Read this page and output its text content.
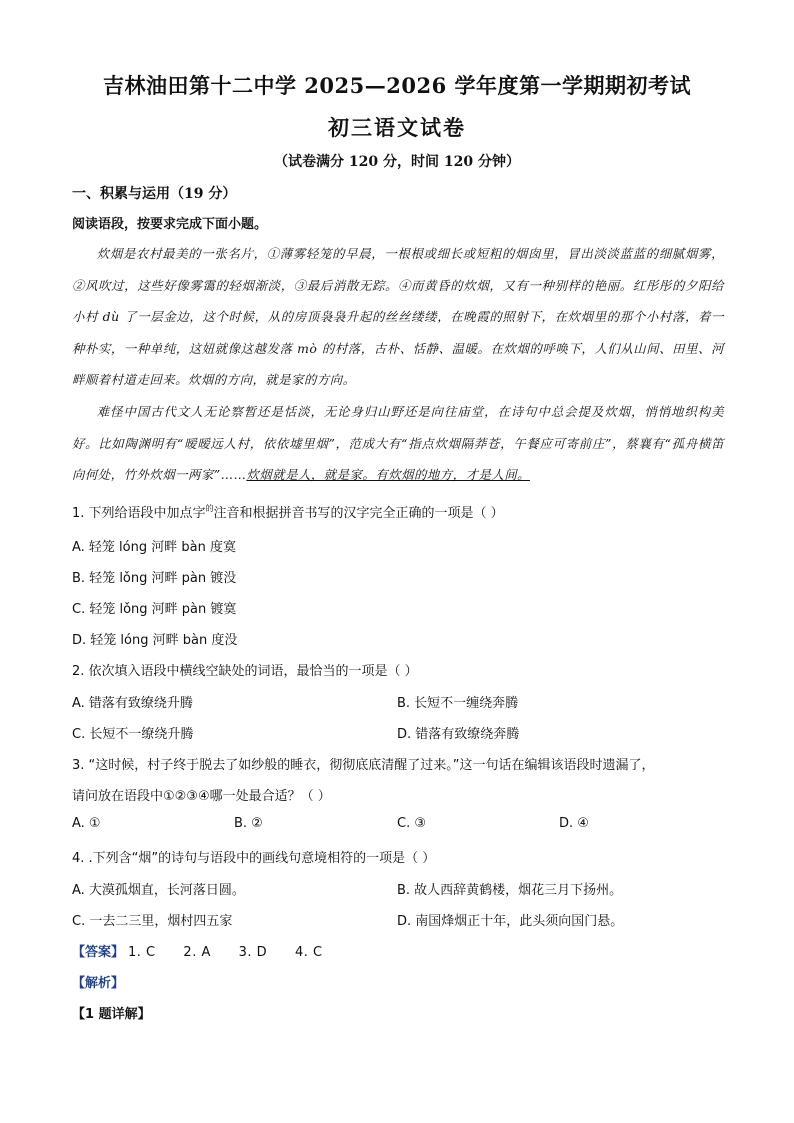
吉林油田第十二中学 2025—2026 学年度第一学期期初考试
初三语文试卷
（试卷满分 120 分，时间 120 分钟）
一、积累与运用（19 分）
阅读语段，按要求完成下面小题。
炊烟是农村最美的一张名片，①薄雾轻笼的早晨，一根根或细长或短粗的烟囱里，冒出淡淡蓝蓝的细腻烟雾，②风吹过，这些好像雾霭的轻烟渐淡，③最后消散无踪。④而黄昏的炊烟，又有一种别样的艳丽。红彤彤的夕阳给小村 dù 了一层金边，这个时候，从的房顶袅袅升起的丝丝缕缕，在晚霞的照射下，在炊烟里的那个小村落，着一种朴实，一种单纯，这妞就像这越发落 mò 的村落，古朴、恬静、温暖。在炊烟的呼唤下，人们从山间、田里、河畔顺着村道走回来。炊烟的方向，就是家的方向。
难怪中国古代文人无论察暂还是恬淡，无论身归山野还是向往庙堂，在诗句中总会提及炊烟，悄悄地织构美好。比如陶渊明有“暧暧远人村，依依墟里烟”，范成大有“指点炊烟隔莽苍，午餐应可寄前庄”，蔡襄有“孤舟横笛向何处，竹外炊烟一两家”……炊烟就是人，就是家。有炊烟的地方，才是人间。
1. 下列给语段中加点字$^的$注音和根据拼音书写的汉字完全正确的一项是（ ）
A. 轻笼 lóng 河畔 bàn 度寞
B. 轻笼 lǒng 河畔 pàn 镀没
C. 轻笼 lǒng 河畔 pàn 镀寞
D. 轻笼 lóng 河畔 bàn 度没
2. 依次填入语段中横线空缺处的词语，最恰当的一项是（ ）
A. 错落有致缭绕升腾	B. 长短不一缠绕奔腾
C. 长短不一缭绕升腾	D. 错落有致缭绕奔腾
3. “这时候，村子终于脱去了如纱般的睡衣，彻彻底底清醒了过来。”这一句话在编辑该语段时遗漏了，
请问放在语段中①②③④哪一处最合适？（ ）
A. ①	B. ②	C. ③	D. ④
4. .下列含“烟”的诗句与语段中的画线句意境相符的一项是（ ）
A. 大漠孤烟直，长河落日圆。	B. 故人西辞黄鹤楼，烟花三月下扬州。
C. 一去二三里，烟村四五家	D. 南国烽烟正十年，此头须向国门悬。
【答案】 1. C      2. A      3. D      4. C
【解析】
【1 题详解】
